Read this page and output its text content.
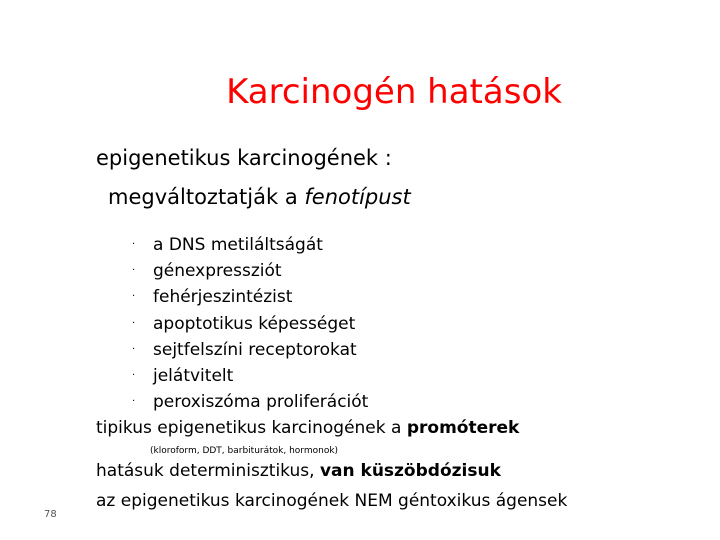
Karcinogén hatások
epigenetikus karcinogének :
megváltoztatják a fenotípust
· a DNS metiláltságát
· génexpressziót
· fehérjeszintézist
· apoptotikus képességet
· sejtfelszíni receptorokat
· jelátvitelt
· peroxiszóma proliferációt
tipikus epigenetikus karcinogének a promóterek
(kloroform, DDT, barbiturátok, hormonok)
hatásuk determinisztikus, van küszöbdózisuk
az epigenetikus karcinogének NEM géntoxikus ágensek
78
